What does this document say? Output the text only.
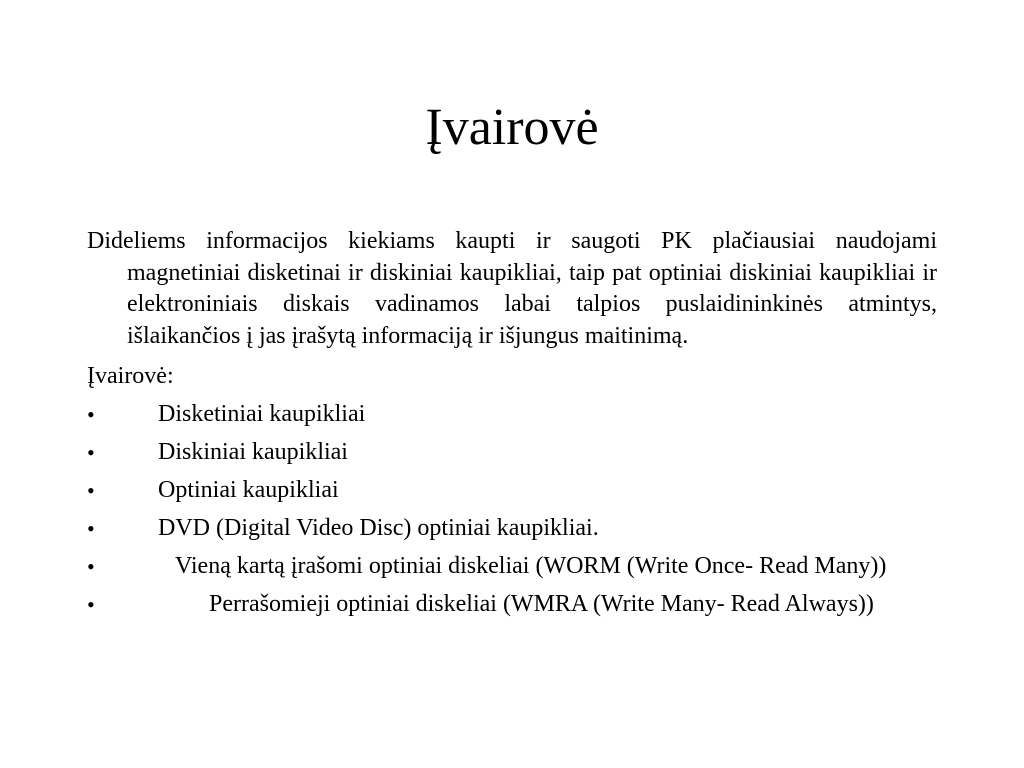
Įvairovė

Dideliems informacijos kiekiams kaupti ir saugoti PK plačiausiai naudojami magnetiniai disketinai ir diskiniai kaupikliai, taip pat optiniai diskiniai kaupikliai ir elektroniniais diskais vadinamos labai talpios puslaidininkinės atmintys, išlaikančios į jas įrašytą informaciją ir išjungus maitinimą.

Įvairovė:

•	Disketiniai kaupikliai
•	Diskiniai kaupikliai
•	Optiniai kaupikliai
•	DVD (Digital Video Disc) optiniai kaupikliai.
•	Vieną kartą įrašomi optiniai diskeliai (WORM (Write Once- Read Many))
•	Perrašomieji optiniai diskeliai (WMRA (Write Many- Read Always))
